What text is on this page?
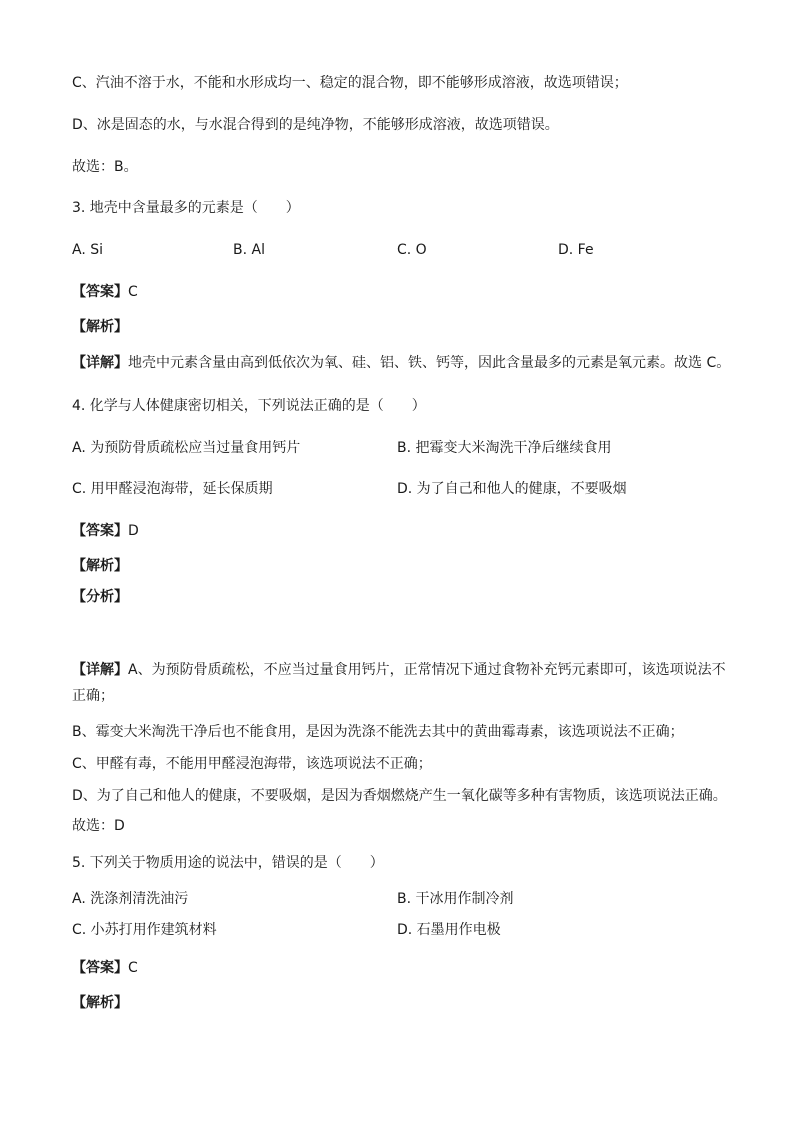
C、汽油不溶于水，不能和水形成均一、稳定的混合物，即不能够形成溶液，故选项错误；
D、冰是固态的水，与水混合得到的是纯净物，不能够形成溶液，故选项错误。
故选：B。
3. 地壳中含量最多的元素是（　　）
A. Si	B. Al	C. O	D. Fe
【答案】C
【解析】
【详解】地壳中元素含量由高到低依次为氧、硅、铝、铁、钙等，因此含量最多的元素是氧元素。故选 C。
4. 化学与人体健康密切相关，下列说法正确的是（　　）
A. 为预防骨质疏松应当过量食用钙片	B. 把霉变大米淘洗干净后继续食用
C. 用甲醛浸泡海带，延长保质期	D. 为了自己和他人的健康，不要吸烟
【答案】D
【解析】
【分析】
【详解】A、为预防骨质疏松，不应当过量食用钙片，正常情况下通过食物补充钙元素即可，该选项说法不正确；
B、霉变大米淘洗干净后也不能食用，是因为洗涤不能洗去其中的黄曲霉毒素，该选项说法不正确；
C、甲醛有毒，不能用甲醛浸泡海带，该选项说法不正确；
D、为了自己和他人的健康，不要吸烟，是因为香烟燃烧产生一氧化碳等多种有害物质，该选项说法正确。
故选：D
5. 下列关于物质用途的说法中，错误的是（　　）
A. 洗涤剂清洗油污	B. 干冰用作制冷剂
C. 小苏打用作建筑材料	D. 石墨用作电极
【答案】C
【解析】
